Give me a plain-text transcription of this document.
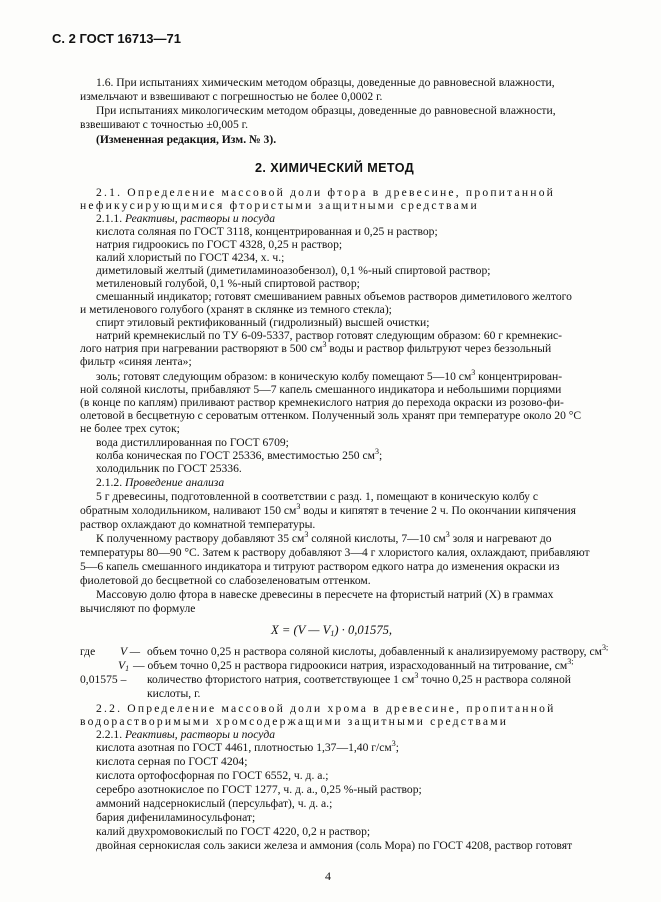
С. 2 ГОСТ 16713—71
1.6. При испытаниях химическим методом образцы, доведенные до равновесной влажности,
измельчают и взвешивают с погрешностью не более 0,0002 г.
При испытаниях микологическим методом образцы, доведенные до равновесной влажности,
взвешивают с точностью ±0,005 г.
(Измененная редакция, Изм. № 3).
2. ХИМИЧЕСКИЙ МЕТОД
2.1. Определение массовой доли фтора в древесине, пропитанной
нефикусирующимися фтористыми защитными средствами
2.1.1. Реактивы, растворы и посуда
кислота соляная по ГОСТ 3118, концентрированная и 0,25 н раствор;
натрия гидроокись по ГОСТ 4328, 0,25 н раствор;
калий хлористый по ГОСТ 4234, х. ч.;
диметиловый желтый (диметиламиноазобензол), 0,1 %-ный спиртовой раствор;
метиленовый голубой, 0,1 %-ный спиртовой раствор;
смешанный индикатор; готовят смешиванием равных объемов растворов диметилового желтого
и метиленового голубого (хранят в склянке из темного стекла);
спирт этиловый ректификованный (гидролизный) высшей очистки;
натрий кремнекислый по ТУ 6-09-5337, раствор готовят следующим образом: 60 г кремнекис-
лого натрия при нагревании растворяют в 500 $см^3$ воды и раствор фильтруют через беззольный
фильтр «синяя лента»;
золь; готовят следующим образом: в коническую колбу помещают 5—10 $см^3$ концентрирован-
ной соляной кислоты, прибавляют 5—7 капель смешанного индикатора и небольшими порциями
(в конце по каплям) приливают раствор кремнекислого натрия до перехода окраски из розово-фи-
олетовой в бесцветную с сероватым оттенком. Полученный золь хранят при температуре около 20 °С
не более трех суток;
вода дистиллированная по ГОСТ 6709;
колба коническая по ГОСТ 25336, вместимостью 250 $см^3$;
холодильник по ГОСТ 25336.
2.1.2. Проведение анализа
5 г древесины, подготовленной в соответствии с разд. 1, помещают в коническую колбу с
обратным холодильником, наливают 150 $см^3$ воды и кипятят в течение 2 ч. По окончании кипячения
раствор охлаждают до комнатной температуры.
К полученному раствору добавляют 35 $см^3$ соляной кислоты, 7—10 $см^3$ золя и нагревают до
температуры 80—90 °С. Затем к раствору добавляют 3—4 г хлористого калия, охлаждают, прибавляют
5—6 капель смешанного индикатора и титруют раствором едкого натра до изменения окраски из
фиолетовой до бесцветной со слабозеленоватым оттенком.
Массовую долю фтора в навеске древесины в пересчете на фтористый натрий (X) в граммах
вычисляют по формуле
X = (V — $V_1) \cdot 0,01575$,
где V — объем точно 0,25 н раствора соляной кислоты, добавленный к анализируемому раствору, $см^{3;}$
$V_1$ — объем точно 0,25 н раствора гидроокиси натрия, израсходованный на титрование, $см^{3;}$
0,01575 – количество фтористого натрия, соответствующее 1 $см^3$ точно 0,25 н раствора соляной
кислоты, г.
2.2. Определение массовой доли хрома в древесине, пропитанной
водорастворимыми хромсодержащими защитными средствами
2.2.1. Реактивы, растворы и посуда
кислота азотная по ГОСТ 4461, плотностью 1,37—1,40 $г/см^3$;
кислота серная по ГОСТ 4204;
кислота ортофосфорная по ГОСТ 6552, ч. д. а.;
серебро азотнокислое по ГОСТ 1277, ч. д. а., 0,25 %-ный раствор;
аммоний надсернокислый (персульфат), ч. д. а.;
бария дифениламиносульфонат;
калий двухромовокислый по ГОСТ 4220, 0,2 н раствор;
двойная сернокислая соль закиси железа и аммония (соль Мора) по ГОСТ 4208, раствор готовят
4
